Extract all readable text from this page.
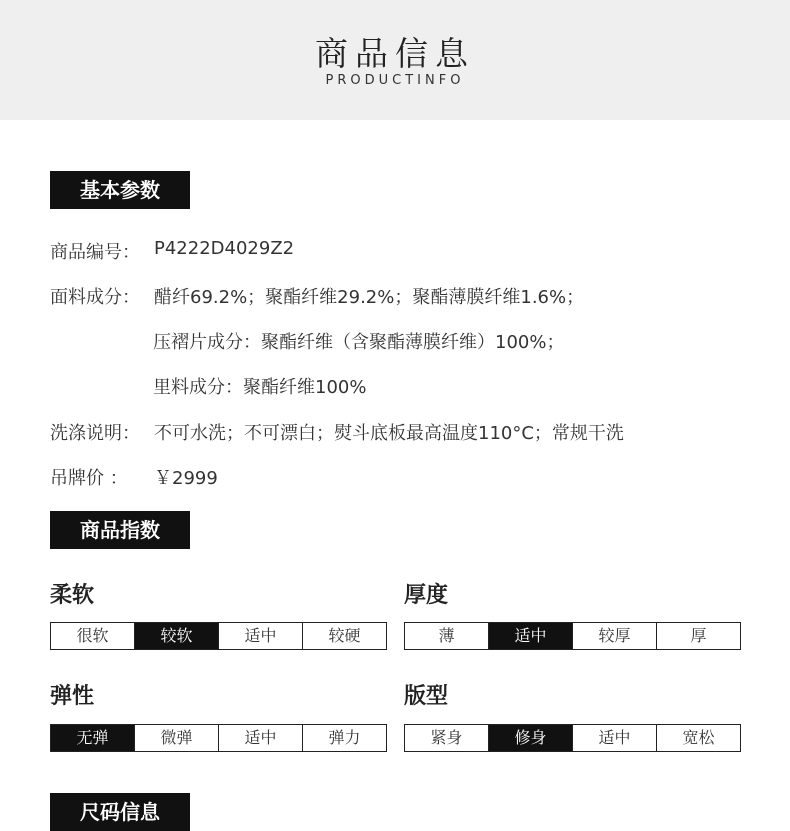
商品信息
PRODUCTINFO
基本参数
商品编号： P4222D4029Z2
面料成分： 醋纤69.2%；聚酯纤维29.2%；聚酯薄膜纤维1.6%；
压褶片成分：聚酯纤维（含聚酯薄膜纤维）100%；
里料成分：聚酯纤维100%
洗涤说明： 不可水洗；不可漂白；熨斗底板最高温度110°C；常规干洗
吊牌价 ： ￥2999
商品指数
柔软
很软	较软	适中	较硬
厚度
薄	适中	较厚	厚
弹性
无弹	微弹	适中	弹力
版型
紧身	修身	适中	宽松
尺码信息
